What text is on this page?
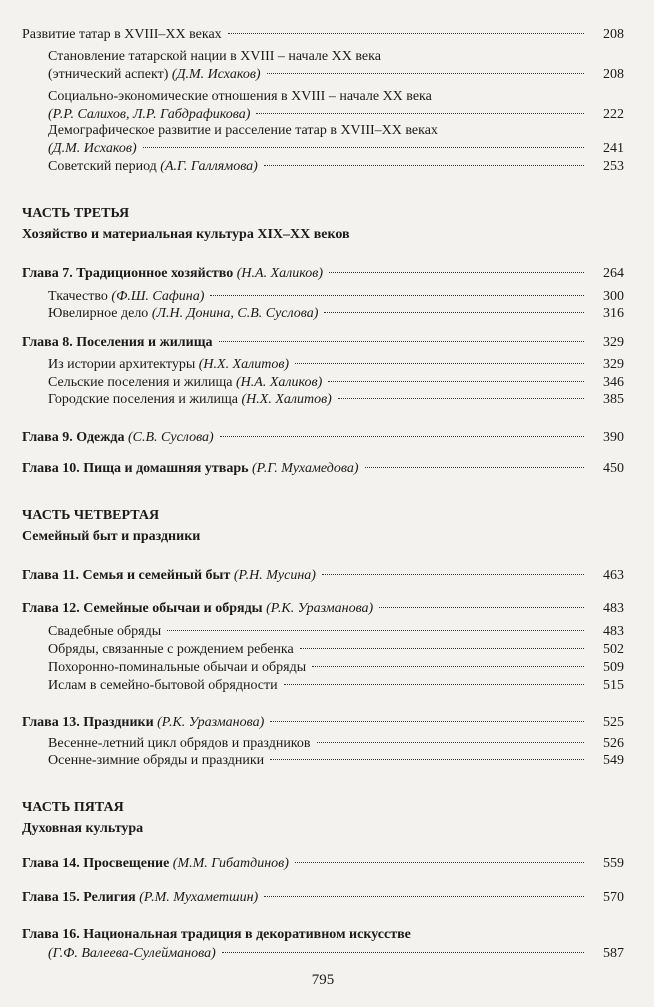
Развитие татар в XVIII–XX веках	208
Становление татарской нации в XVIII – начале XX века
(этнический аспект) (Д.М. Исхаков)	208
Социально-экономические отношения в XVIII – начале XX века
(Р.Р. Салихов, Л.Р. Габдрафикова)	222
Демографическое развитие и расселение татар в XVIII–XX веках
(Д.М. Исхаков)	241
Советский период (А.Г. Галлямова)	253
ЧАСТЬ ТРЕТЬЯ
Хозяйство и материальная культура XIX–XX веков
Глава 7. Традиционное хозяйство (Н.А. Халиков)	264
Ткачество (Ф.Ш. Сафина)	300
Ювелирное дело (Л.Н. Донина, С.В. Суслова)	316
Глава 8. Поселения и жилища	329
Из истории архитектуры (Н.Х. Халитов)	329
Сельские поселения и жилища (Н.А. Халиков)	346
Городские поселения и жилища (Н.Х. Халитов)	385
Глава 9. Одежда (С.В. Суслова)	390
Глава 10. Пища и домашняя утварь (Р.Г. Мухамедова)	450
ЧАСТЬ ЧЕТВЕРТАЯ
Семейный быт и праздники
Глава 11. Семья и семейный быт (Р.Н. Мусина)	463
Глава 12. Семейные обычаи и обряды (Р.К. Уразманова)	483
Свадебные обряды	483
Обряды, связанные с рождением ребенка	502
Похоронно-поминальные обычаи и обряды	509
Ислам в семейно-бытовой обрядности	515
Глава 13. Праздники (Р.К. Уразманова)	525
Весенне-летний цикл обрядов и праздников	526
Осенне-зимние обряды и праздники	549
ЧАСТЬ ПЯТАЯ
Духовная культура
Глава 14. Просвещение (М.М. Гибатдинов)	559
Глава 15. Религия (Р.М. Мухаметшин)	570
Глава 16. Национальная традиция в декоративном искусстве
(Г.Ф. Валеева-Сулейманова)	587
795
